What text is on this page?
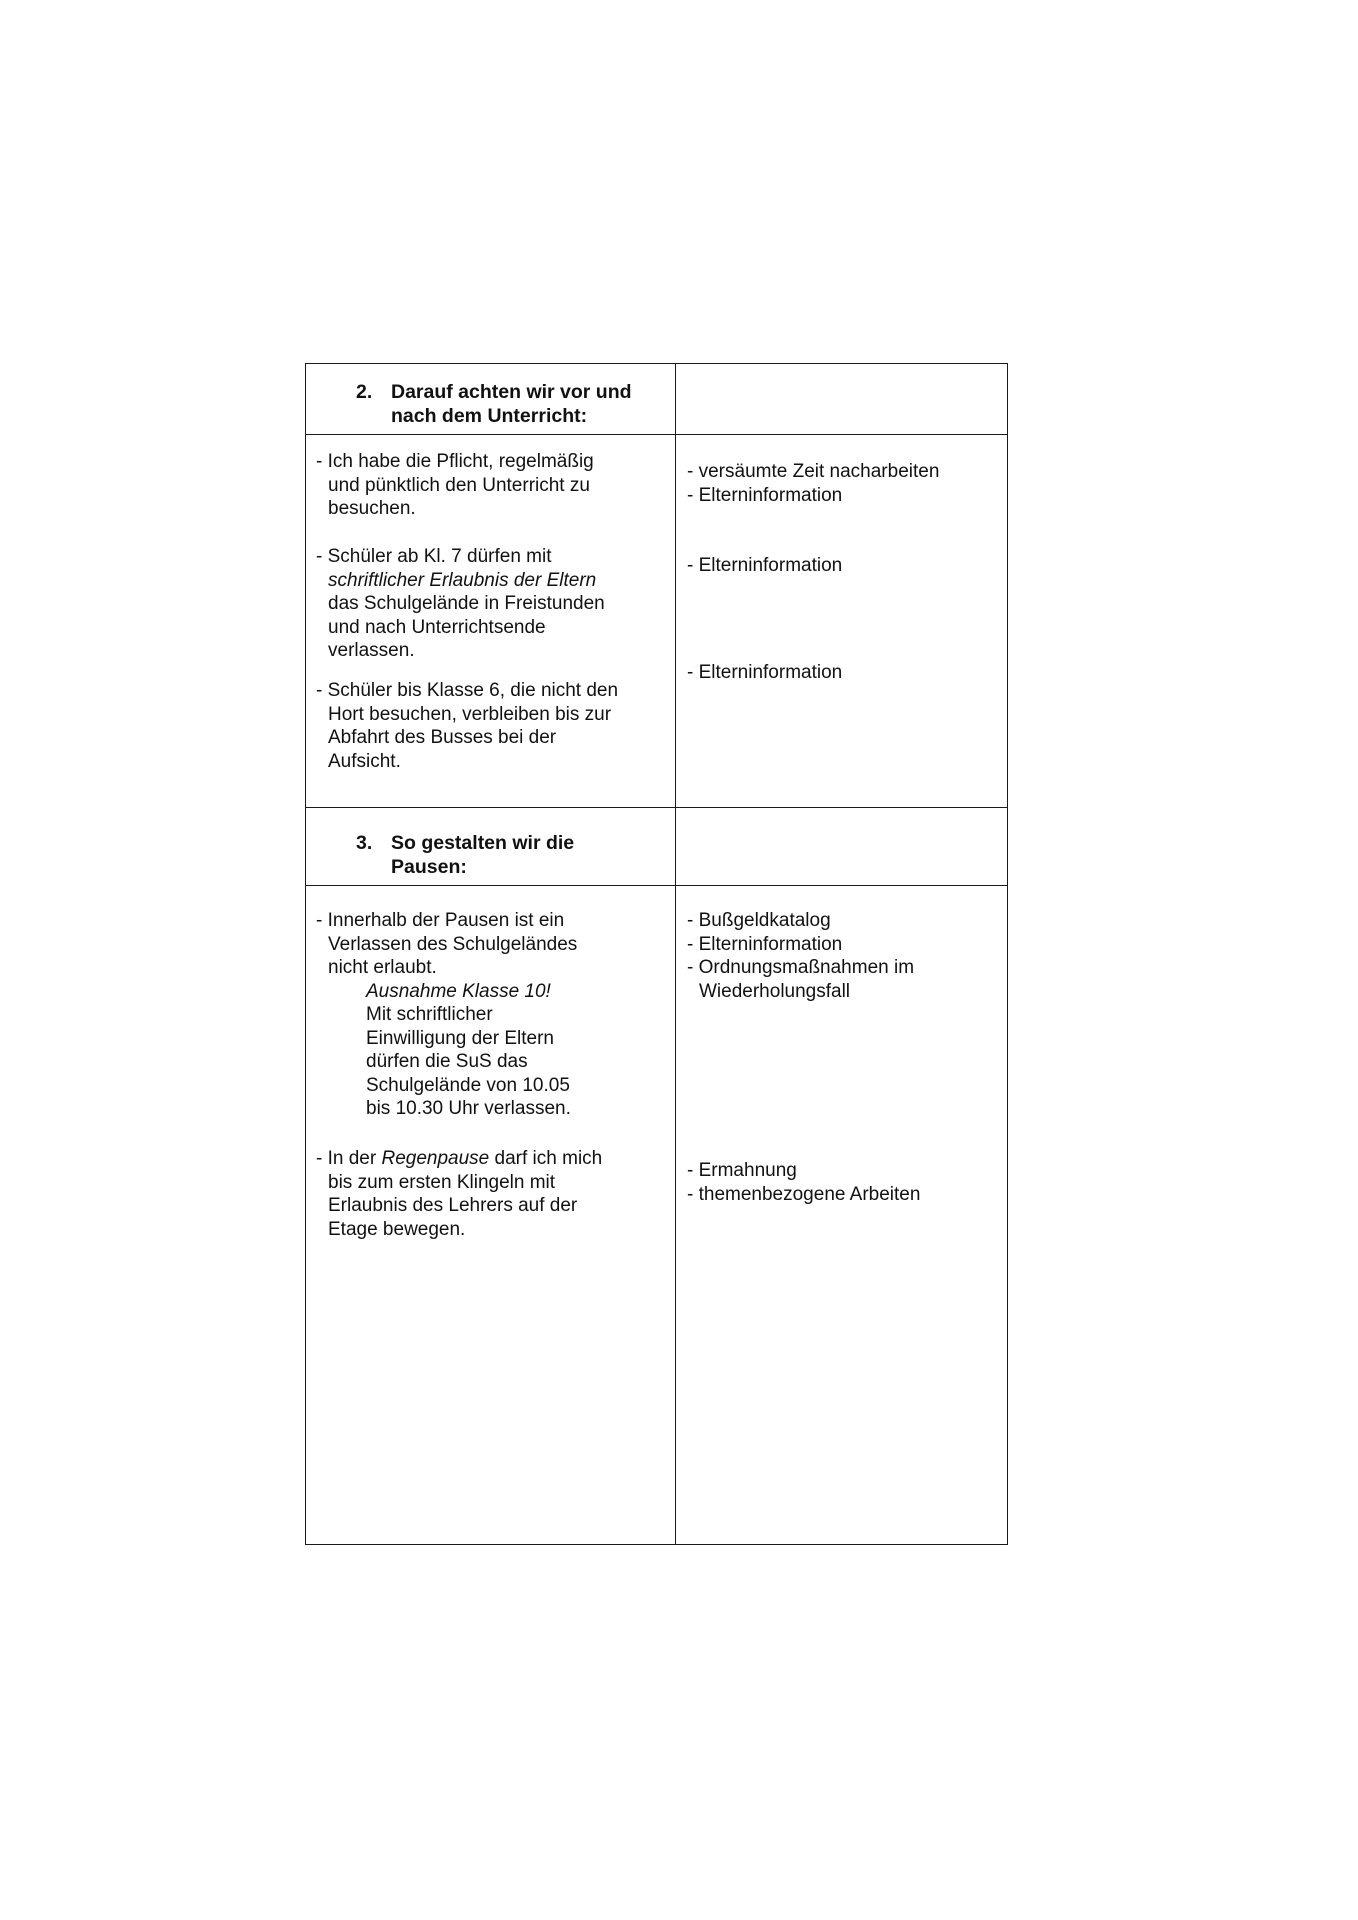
2. Darauf achten wir vor und
nach dem Unterricht:
- Ich habe die Pflicht, regelmäßig
und pünktlich den Unterricht zu
besuchen.
- Schüler ab Kl. 7 dürfen mit
schriftlicher Erlaubnis der Eltern
das Schulgelände in Freistunden
und nach Unterrichtsende
verlassen.
- Schüler bis Klasse 6, die nicht den
Hort besuchen, verbleiben bis zur
Abfahrt des Busses bei der
Aufsicht.
- versäumte Zeit nacharbeiten
- Elterninformation
- Elterninformation
- Elterninformation
3. So gestalten wir die
Pausen:
- Innerhalb der Pausen ist ein
Verlassen des Schulgeländes
nicht erlaubt.
Ausnahme Klasse 10!
Mit schriftlicher
Einwilligung der Eltern
dürfen die SuS das
Schulgelände von 10.05
bis 10.30 Uhr verlassen.
- In der Regenpause darf ich mich
bis zum ersten Klingeln mit
Erlaubnis des Lehrers auf der
Etage bewegen.
- Bußgeldkatalog
- Elterninformation
- Ordnungsmaßnahmen im
Wiederholungsfall
- Ermahnung
- themenbezogene Arbeiten
